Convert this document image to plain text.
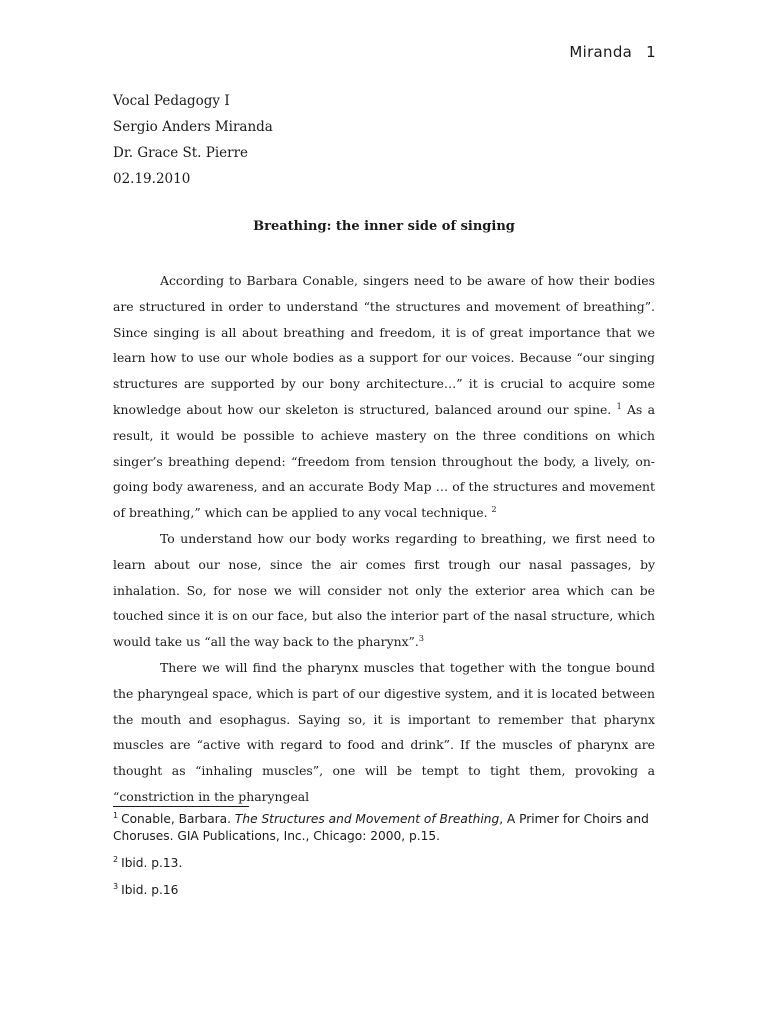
Miranda 1
Vocal Pedagogy I
Sergio Anders Miranda
Dr. Grace St. Pierre
02.19.2010
Breathing: the inner side of singing

According to Barbara Conable, singers need to be aware of how their bodies are structured in order to understand “the structures and movement of breathing”. Since singing is all about breathing and freedom, it is of great importance that we learn how to use our whole bodies as a support for our voices. Because “our singing structures are supported by our bony architecture…” it is crucial to acquire some knowledge about how our skeleton is structured, balanced around our spine. $^1$ As a result, it would be possible to achieve mastery on the three conditions on which singer’s breathing depend: “freedom from tension throughout the body, a lively, on-going body awareness, and an accurate Body Map … of the structures and movement of breathing,” which can be applied to any vocal technique. $^2$

To understand how our body works regarding to breathing, we first need to learn about our nose, since the air comes first trough our nasal passages, by inhalation. So, for nose we will consider not only the exterior area which can be touched since it is on our face, but also the interior part of the nasal structure, which would take us “all the way back to the pharynx”.$^3$

There we will find the pharynx muscles that together with the tongue bound the pharyngeal space, which is part of our digestive system, and it is located between the mouth and esophagus. Saying so, it is important to remember that pharynx muscles are “active with regard to food and drink”. If the muscles of pharynx are thought as “inhaling muscles”, one will be tempt to tight them, provoking a “constriction in the pharyngeal

$^1$ Conable, Barbara. The Structures and Movement of Breathing, A Primer for Choirs and Choruses. GIA Publications, Inc., Chicago: 2000, p.15.

$^2$ Ibid. p.13.

$^3$ Ibid. p.16
